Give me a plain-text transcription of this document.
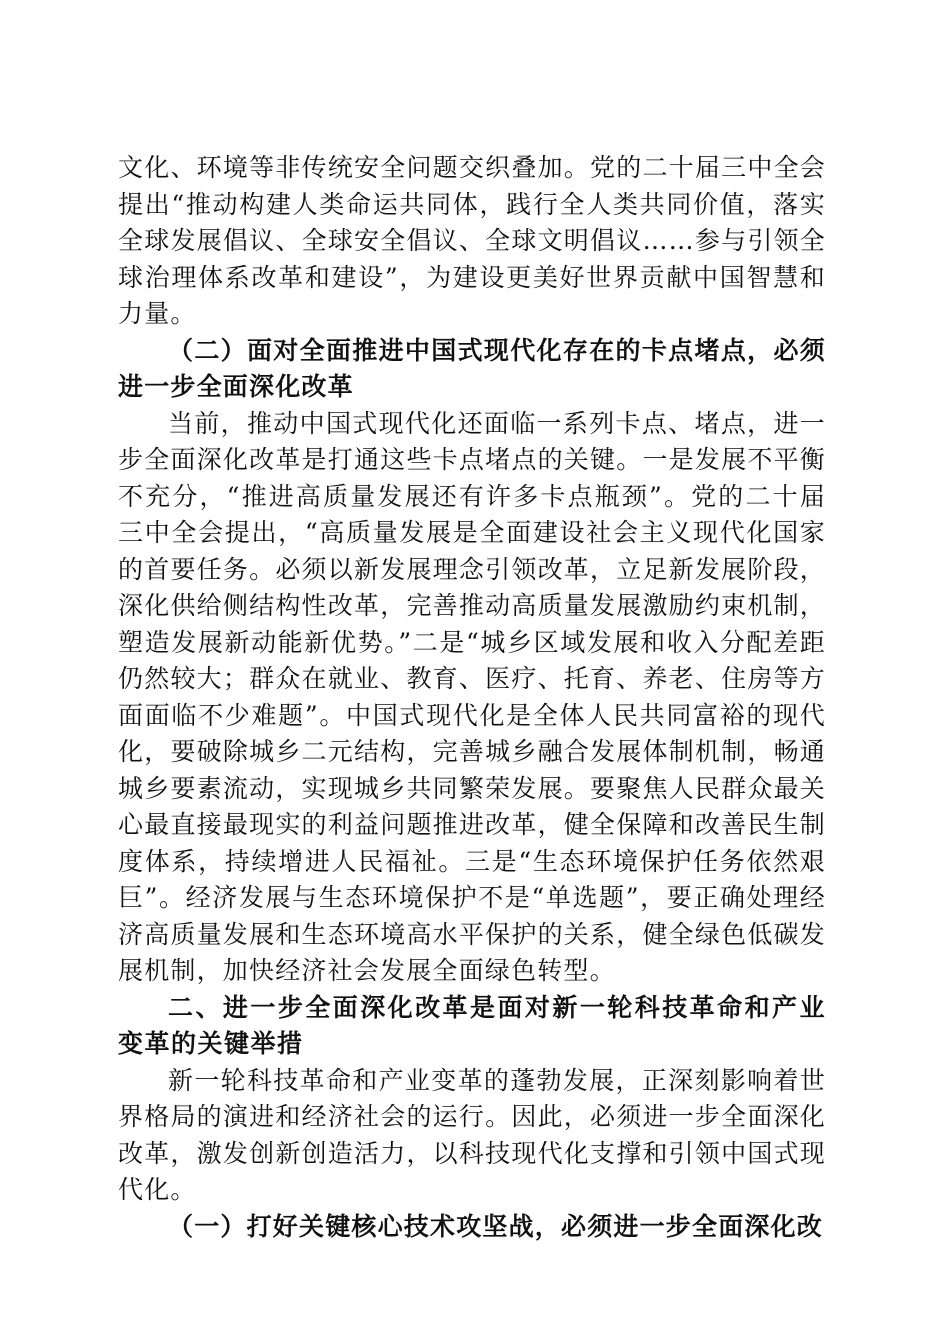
文化、环境等非传统安全问题交织叠加。党的二十届三中全会提出“推动构建人类命运共同体，践行全人类共同价值，落实全球发展倡议、全球安全倡议、全球文明倡议……参与引领全球治理体系改革和建设”，为建设更美好世界贡献中国智慧和力量。

（二）面对全面推进中国式现代化存在的卡点堵点，必须进一步全面深化改革

当前，推动中国式现代化还面临一系列卡点、堵点，进一步全面深化改革是打通这些卡点堵点的关键。一是发展不平衡不充分，“推进高质量发展还有许多卡点瓶颈”。党的二十届三中全会提出，“高质量发展是全面建设社会主义现代化国家的首要任务。必须以新发展理念引领改革，立足新发展阶段，深化供给侧结构性改革，完善推动高质量发展激励约束机制，塑造发展新动能新优势。”二是“城乡区域发展和收入分配差距仍然较大；群众在就业、教育、医疗、托育、养老、住房等方面面临不少难题”。中国式现代化是全体人民共同富裕的现代化，要破除城乡二元结构，完善城乡融合发展体制机制，畅通城乡要素流动，实现城乡共同繁荣发展。要聚焦人民群众最关心最直接最现实的利益问题推进改革，健全保障和改善民生制度体系，持续增进人民福祉。三是“生态环境保护任务依然艰巨”。经济发展与生态环境保护不是“单选题”，要正确处理经济高质量发展和生态环境高水平保护的关系，健全绿色低碳发展机制，加快经济社会发展全面绿色转型。

二、进一步全面深化改革是面对新一轮科技革命和产业变革的关键举措

新一轮科技革命和产业变革的蓬勃发展，正深刻影响着世界格局的演进和经济社会的运行。因此，必须进一步全面深化改革，激发创新创造活力，以科技现代化支撑和引领中国式现代化。

（一）打好关键核心技术攻坚战，必须进一步全面深化改
